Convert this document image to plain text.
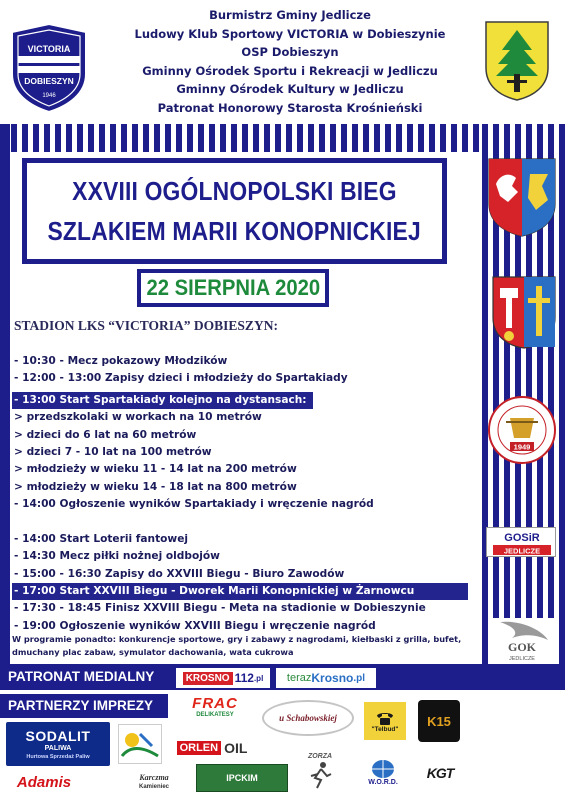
Burmistrz Gminy Jedlicze
Ludowy Klub Sportowy VICTORIA w Dobieszynie
OSP Dobieszyn
Gminny Ośrodek Sportu i Rekreacji w Jedliczu
Gminny Ośrodek Kultury w Jedliczu
Patronat Honorowy Starosta Krośnieński
VICTORIA
DOBIESZYN
1946
XXVIII OGÓLNOPOLSKI BIEG
SZLAKIEM MARII KONOPNICKIEJ
22 SIERPNIA 2020
STADION LKS “VICTORIA” DOBIESZYN:
- 10:30 - Mecz pokazowy Młodzików
- 12:00 - 13:00 Zapisy dzieci i młodzieży do Spartakiady
- 13:00 Start Spartakiady kolejno na dystansach:
> przedszkolaki w workach na 10 metrów
> dzieci do 6 lat na 60 metrów
> dzieci 7 - 10 lat na 100 metrów
> młodzieży w wieku 11 - 14 lat na 200 metrów
> młodzieży w wieku 14 - 18 lat na 800 metrów
- 14:00 Ogłoszenie wyników Spartakiady i wręczenie nagród
- 14:00 Start Loterii fantowej
- 14:30 Mecz piłki nożnej oldbojów
- 15:00 - 16:30 Zapisy do XXVIII Biegu - Biuro Zawodów
- 17:00 Start XXVIII Biegu - Dworek Marii Konopnickiej w Żarnowcu
- 17:30 - 18:45 Finisz XXVIII Biegu - Meta na stadionie w Dobieszynie
- 19:00 Ogłoszenie wyników XXVIII Biegu i wręczenie nagród
W programie ponadto: konkurencje sportowe, gry i zabawy z nagrodami, kiełbaski z grilla, bufet, dmuchany plac zabaw, symulator dachowania, wata cukrowa
1949
GOSiR
JEDLICZE
GOK
JEDLICZE
PATRONAT MEDIALNY	KROSNO 112 .pl teraz Krosno .pl
PARTNERZY IMPREZY	FRAC
DELIKATESY	u Schabowskiej
"Telbud"
K15
SODALIT
PALIWA
Hurtowa Sprzedaż Paliw
ORLEN OIL
Adamis	Karczma
Kamieniec
IPCKIM
ZORZA
W.O.R.D.
KGT
